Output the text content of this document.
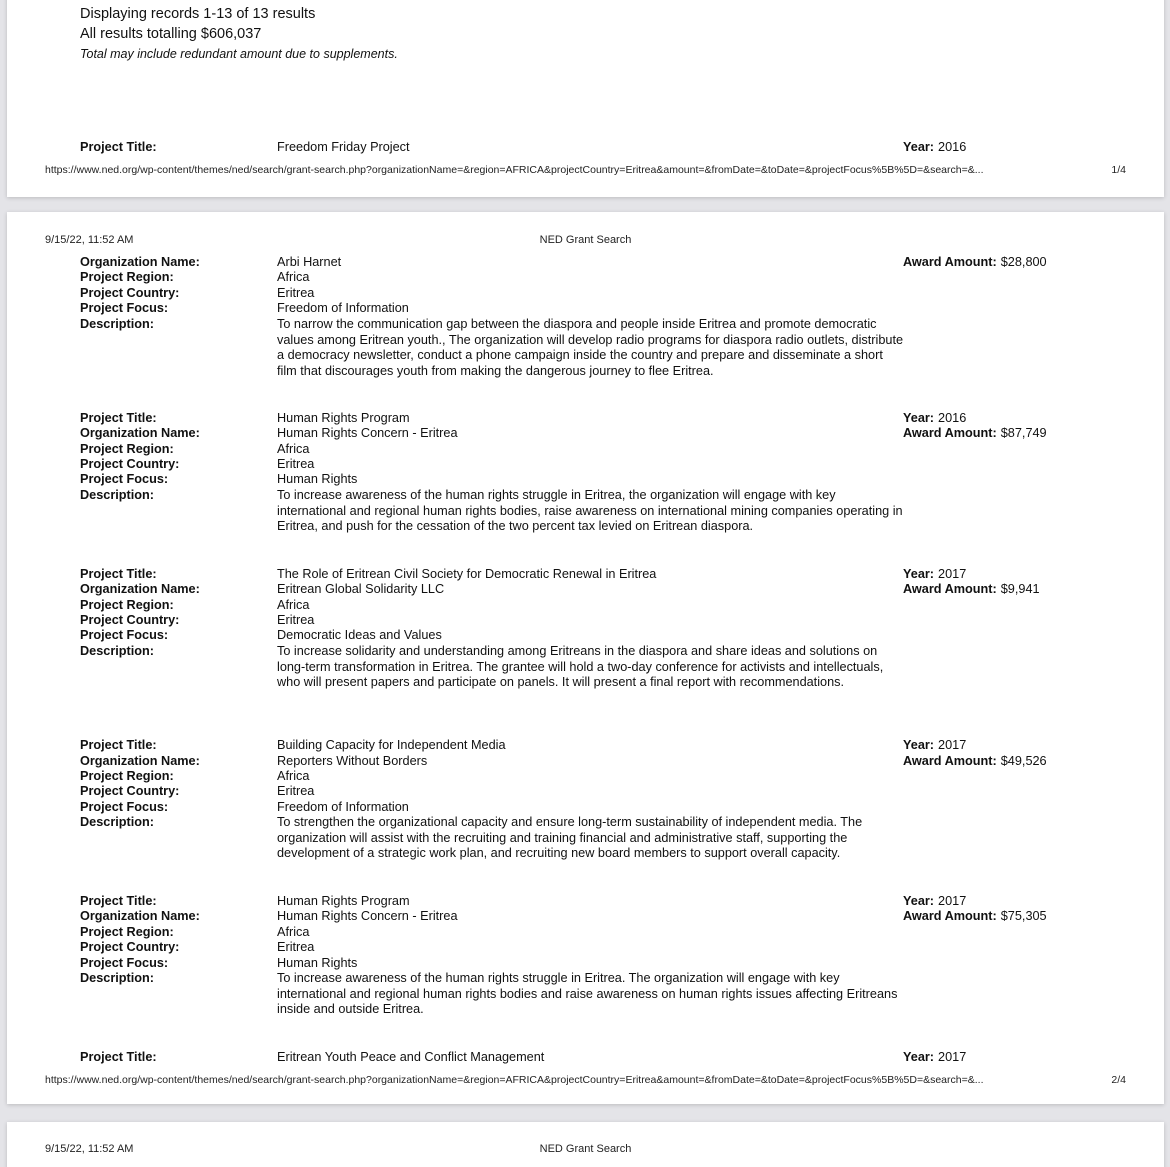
Displaying records 1-13 of 13 results
All results totalling $606,037
Total may include redundant amount due to supplements.
Project Title:	Freedom Friday Project	Year: 2016
https://www.ned.org/wp-content/themes/ned/search/grant-search.php?organizationName=&region=AFRICA&projectCountry=Eritrea&amount=&fromDate=&toDate=&projectFocus%5B%5D=&search=&...	1/4
9/15/22, 11:52 AM	NED Grant Search
Organization Name:	Arbi Harnet	Award Amount: $28,800
Project Region:	Africa
Project Country:	Eritrea
Project Focus:	Freedom of Information
Description:	To narrow the communication gap between the diaspora and people inside Eritrea and promote democratic values among Eritrean youth., The organization will develop radio programs for diaspora radio outlets, distribute a democracy newsletter, conduct a phone campaign inside the country and prepare and disseminate a short film that discourages youth from making the dangerous journey to flee Eritrea.
Project Title:	Human Rights Program	Year: 2016
Organization Name:	Human Rights Concern - Eritrea	Award Amount: $87,749
Project Region:	Africa
Project Country:	Eritrea
Project Focus:	Human Rights
Description:	To increase awareness of the human rights struggle in Eritrea, the organization will engage with key international and regional human rights bodies, raise awareness on international mining companies operating in Eritrea, and push for the cessation of the two percent tax levied on Eritrean diaspora.
Project Title:	The Role of Eritrean Civil Society for Democratic Renewal in Eritrea	Year: 2017
Organization Name:	Eritrean Global Solidarity LLC	Award Amount: $9,941
Project Region:	Africa
Project Country:	Eritrea
Project Focus:	Democratic Ideas and Values
Description:	To increase solidarity and understanding among Eritreans in the diaspora and share ideas and solutions on long-term transformation in Eritrea. The grantee will hold a two-day conference for activists and intellectuals, who will present papers and participate on panels. It will present a final report with recommendations.
Project Title:	Building Capacity for Independent Media	Year: 2017
Organization Name:	Reporters Without Borders	Award Amount: $49,526
Project Region:	Africa
Project Country:	Eritrea
Project Focus:	Freedom of Information
Description:	To strengthen the organizational capacity and ensure long-term sustainability of independent media. The organization will assist with the recruiting and training financial and administrative staff, supporting the development of a strategic work plan, and recruiting new board members to support overall capacity.
Project Title:	Human Rights Program	Year: 2017
Organization Name:	Human Rights Concern - Eritrea	Award Amount: $75,305
Project Region:	Africa
Project Country:	Eritrea
Project Focus:	Human Rights
Description:	To increase awareness of the human rights struggle in Eritrea. The organization will engage with key international and regional human rights bodies and raise awareness on human rights issues affecting Eritreans inside and outside Eritrea.
Project Title:	Eritrean Youth Peace and Conflict Management	Year: 2017
https://www.ned.org/wp-content/themes/ned/search/grant-search.php?organizationName=&region=AFRICA&projectCountry=Eritrea&amount=&fromDate=&toDate=&projectFocus%5B%5D=&search=&...	2/4
9/15/22, 11:52 AM	NED Grant Search
